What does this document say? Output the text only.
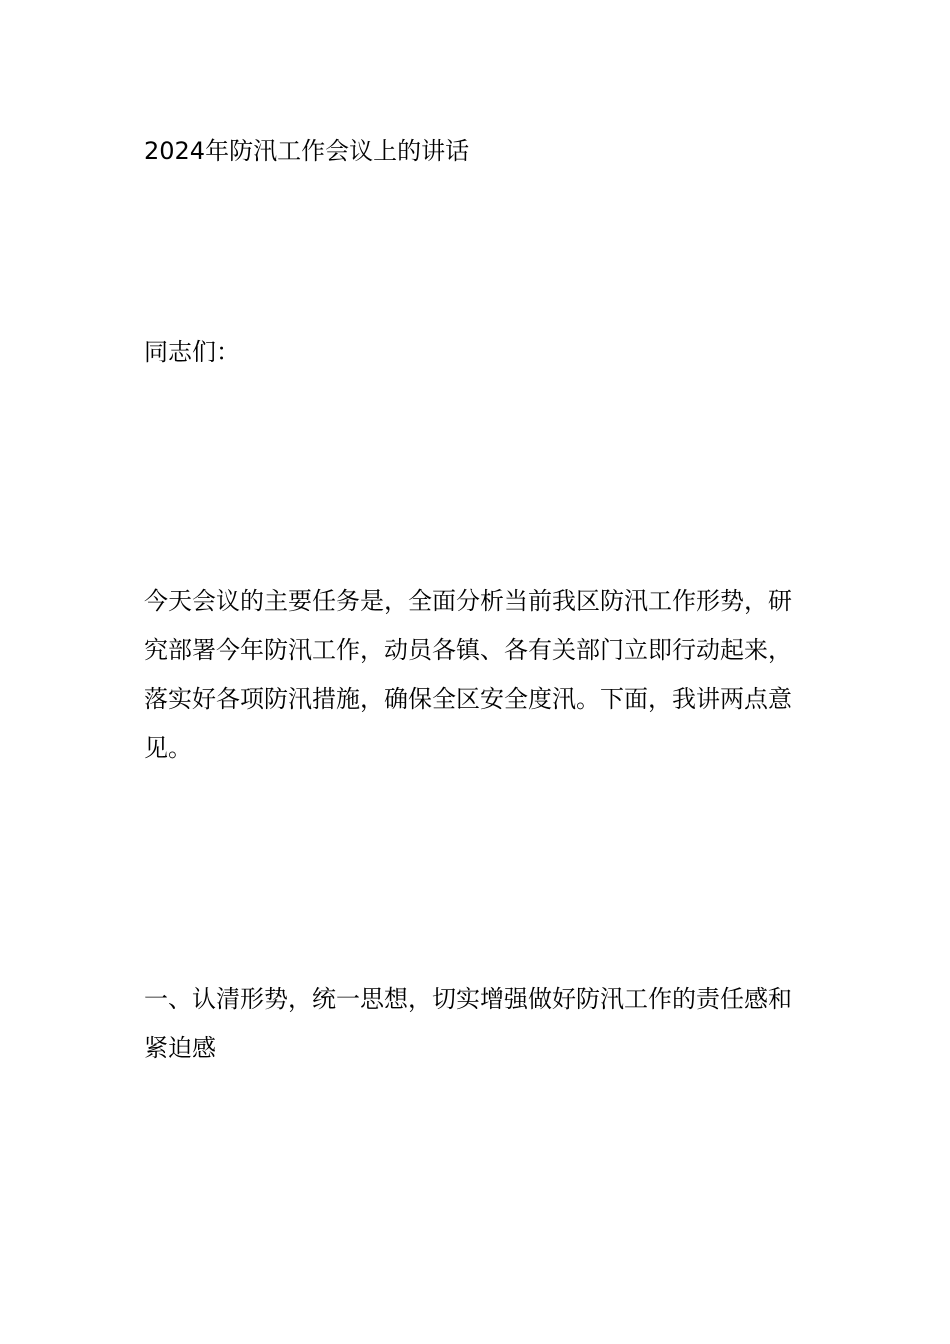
2024年防汛工作会议上的讲话

同志们：

今天会议的主要任务是，全面分析当前我区防汛工作形势，研究部署今年防汛工作，动员各镇、各有关部门立即行动起来，落实好各项防汛措施，确保全区安全度汛。下面，我讲两点意见。

一、认清形势，统一思想，切实增强做好防汛工作的责任感和紧迫感
